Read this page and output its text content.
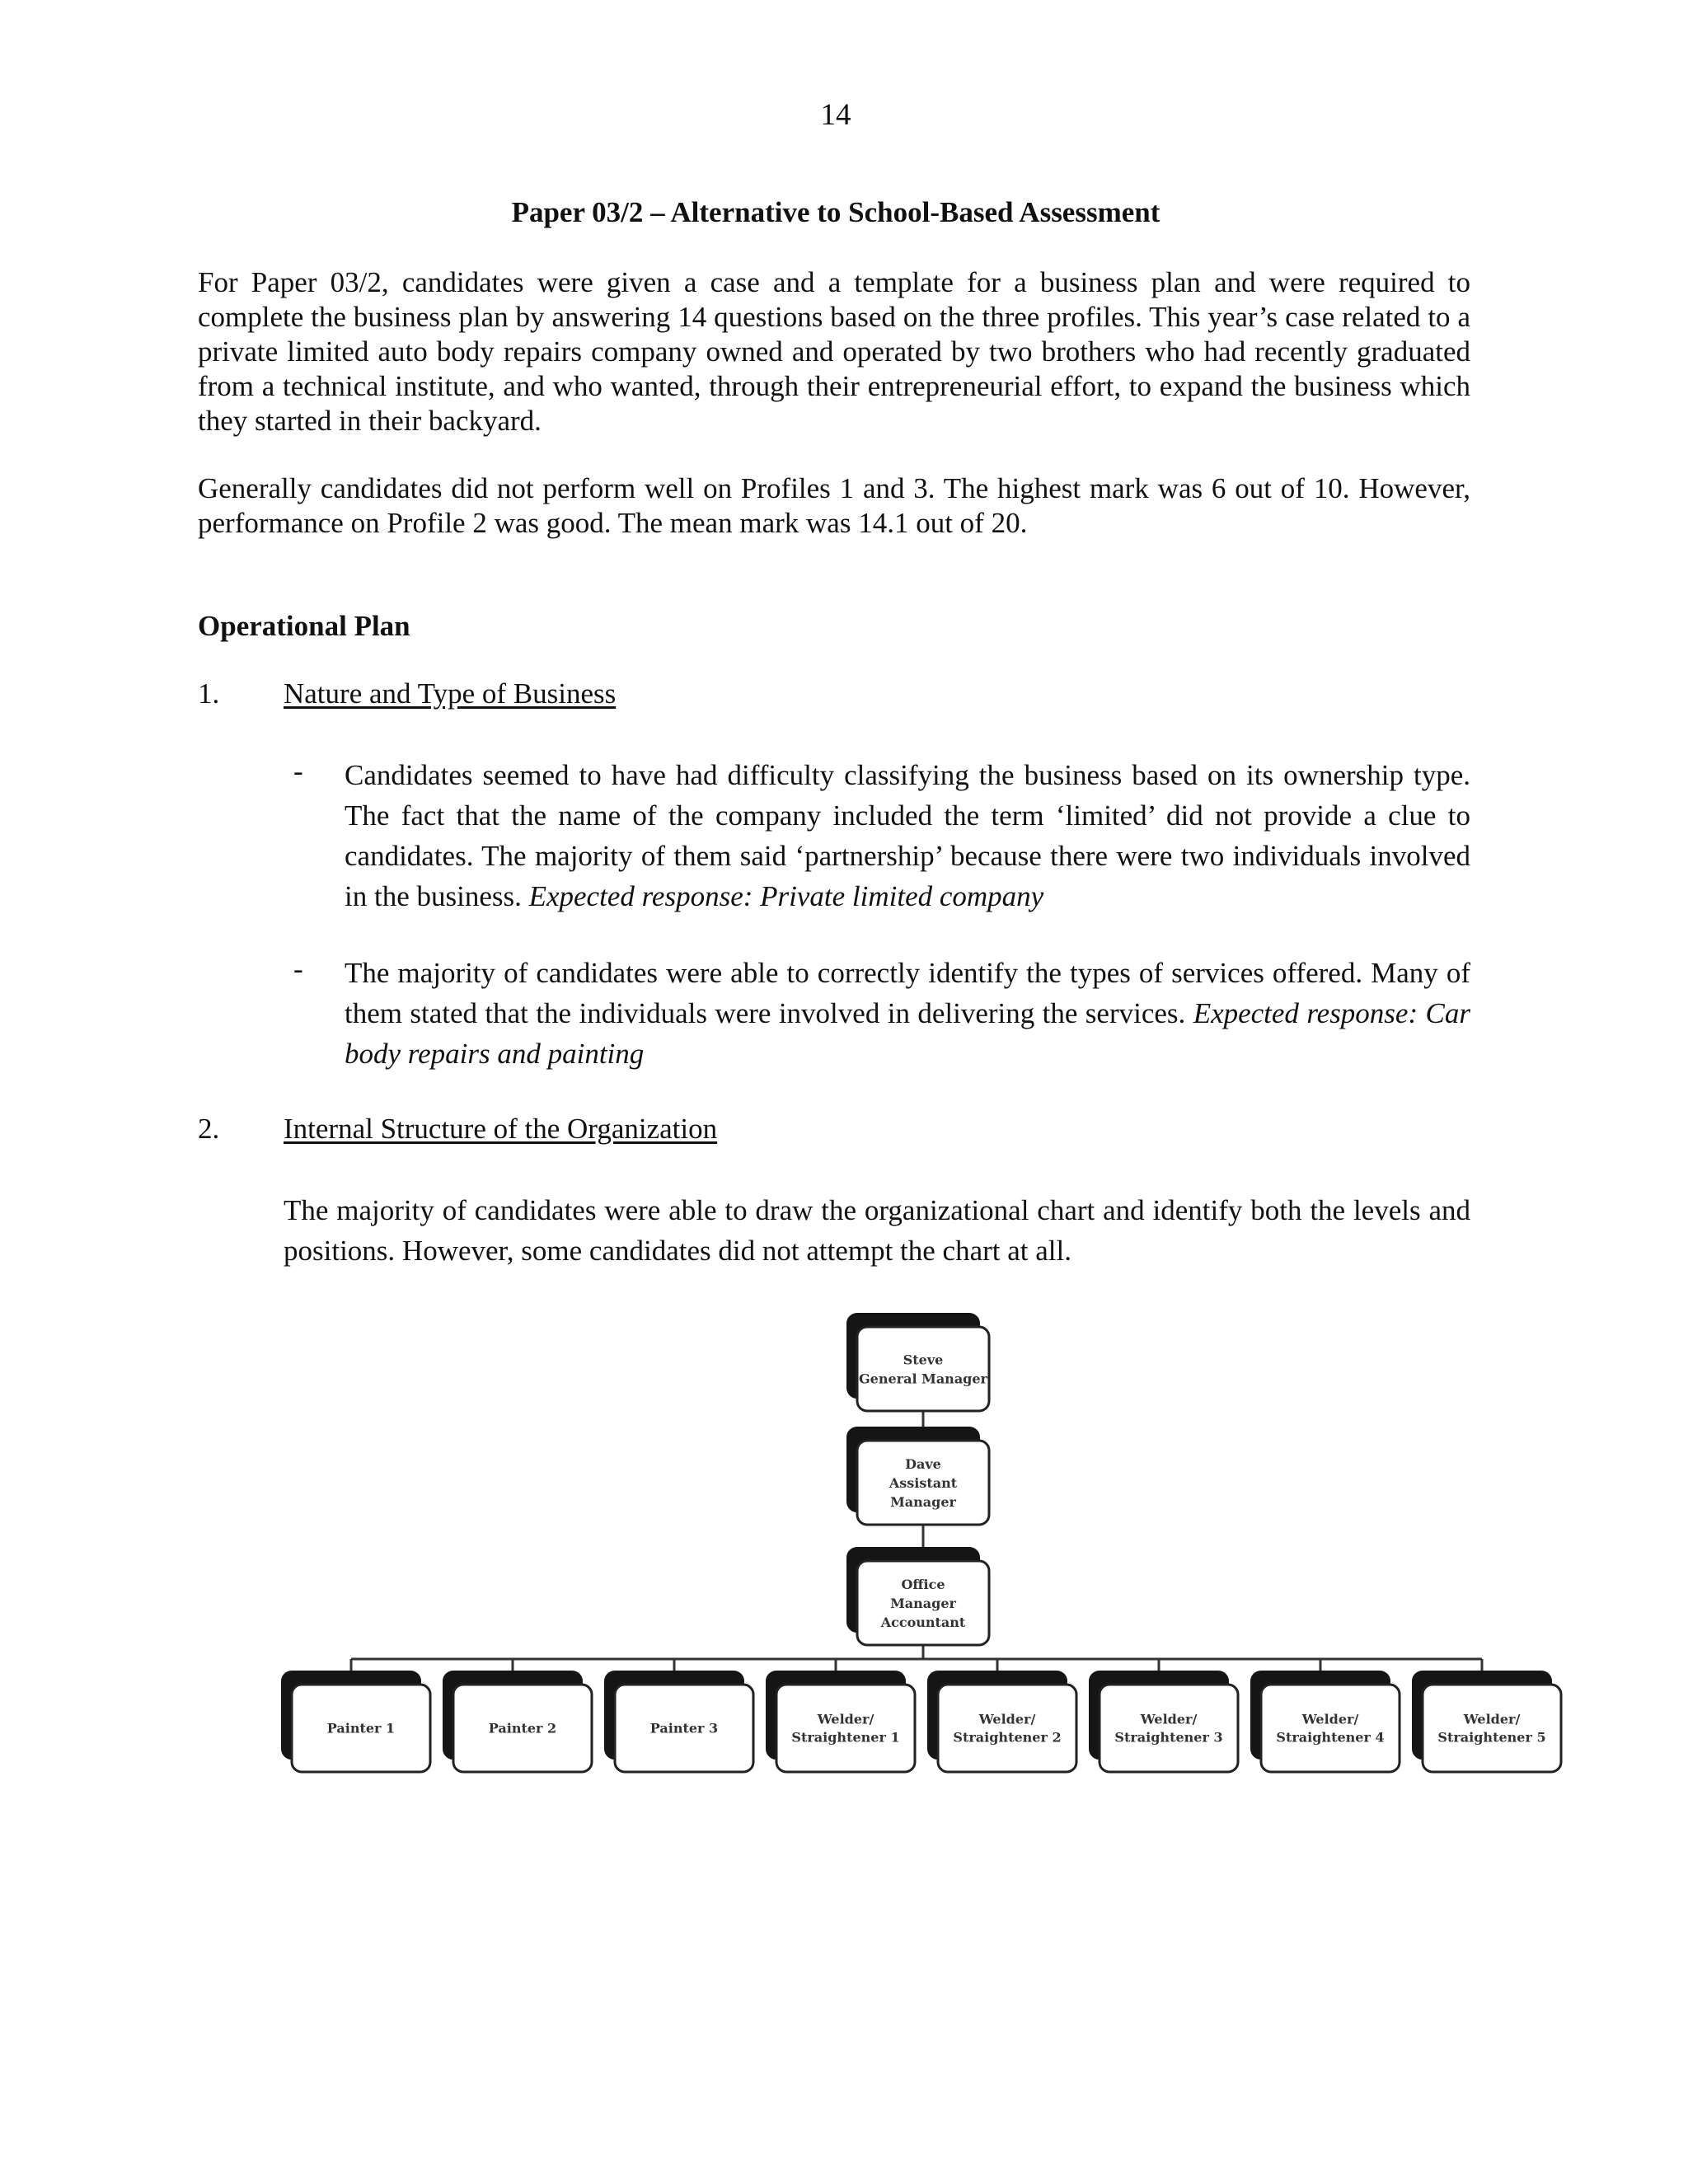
14
Paper 03/2 – Alternative to School-Based Assessment

For Paper 03/2, candidates were given a case and a template for a business plan and were required to complete the business plan by answering 14 questions based on the three profiles. This year’s case related to a private limited auto body repairs company owned and operated by two brothers who had recently graduated from a technical institute, and who wanted, through their entrepreneurial effort, to expand the business which they started in their backyard.

Generally candidates did not perform well on Profiles 1 and 3. The highest mark was 6 out of 10. However, performance on Profile 2 was good. The mean mark was 14.1 out of 20.

Operational Plan
1. Nature and Type of Business
- Candidates seemed to have had difficulty classifying the business based on its ownership type. The fact that the name of the company included the term ‘limited’ did not provide a clue to candidates. The majority of them said ‘partnership’ because there were two individuals involved in the business. Expected response: Private limited company

- The majority of candidates were able to correctly identify the types of services offered. Many of them stated that the individuals were involved in delivering the services. Expected response: Car body repairs and painting

2. Internal Structure of the Organization

The majority of candidates were able to draw the organizational chart and identify both the levels and positions. However, some candidates did not attempt the chart at all.

Steve
General Manager
Dave
Assistant
Manager
Office
Manager
Accountant
Painter 1	Painter 2	Painter 3
Welder/
Straightener 1
Welder/
Straightener 2
Welder/
Straightener 3
Welder/
Straightener 4
Welder/
Straightener 5
